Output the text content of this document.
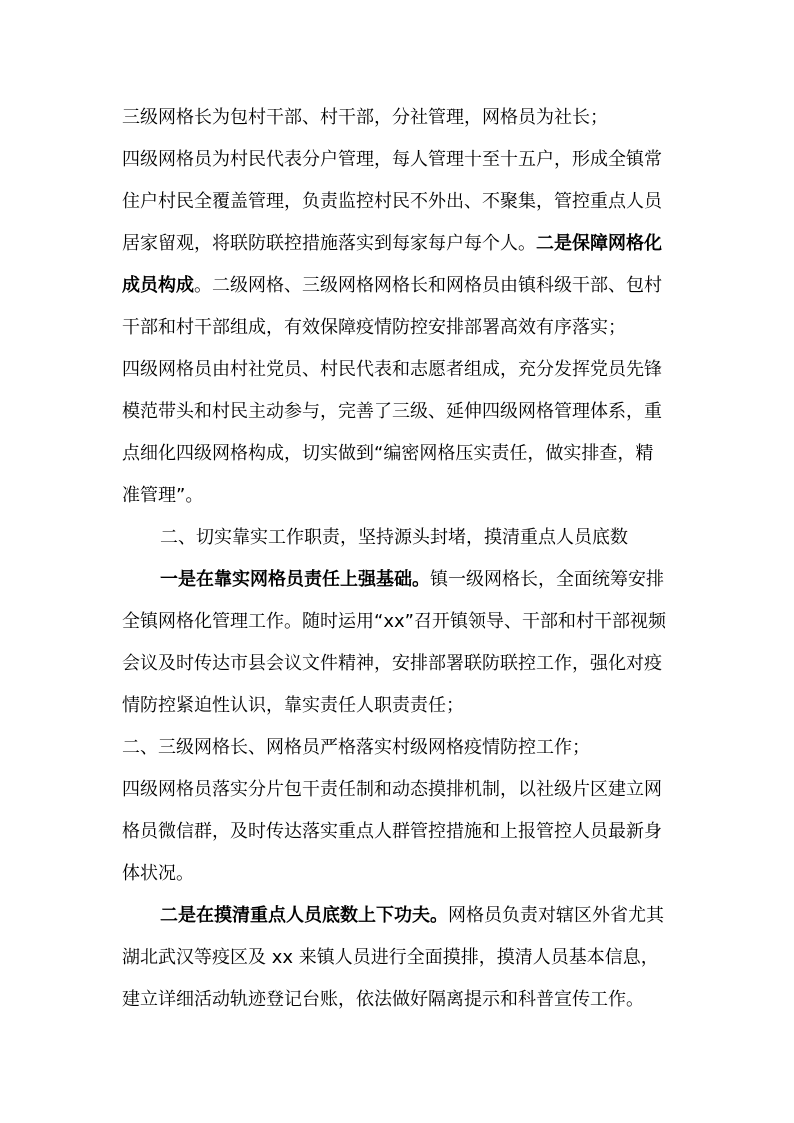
三级网格长为包村干部、村干部，分社管理，网格员为社长；
四级网格员为村民代表分户管理，每人管理十至十五户，形成全镇常
住户村民全覆盖管理，负责监控村民不外出、不聚集，管控重点人员
居家留观，将联防联控措施落实到每家每户每个人。二是保障网格化
成员构成。二级网格、三级网格网格长和网格员由镇科级干部、包村
干部和村干部组成，有效保障疫情防控安排部署高效有序落实；
四级网格员由村社党员、村民代表和志愿者组成，充分发挥党员先锋
模范带头和村民主动参与，完善了三级、延伸四级网格管理体系，重
点细化四级网格构成，切实做到“编密网格压实责任，做实排查，精
准管理”。
二、切实靠实工作职责，坚持源头封堵，摸清重点人员底数
一是在靠实网格员责任上强基础。镇一级网格长，全面统筹安排
全镇网格化管理工作。随时运用“xx”召开镇领导、干部和村干部视频
会议及时传达市县会议文件精神，安排部署联防联控工作，强化对疫
情防控紧迫性认识，靠实责任人职责责任；
二、三级网格长、网格员严格落实村级网格疫情防控工作；
四级网格员落实分片包干责任制和动态摸排机制，以社级片区建立网
格员微信群，及时传达落实重点人群管控措施和上报管控人员最新身
体状况。
二是在摸清重点人员底数上下功夫。网格员负责对辖区外省尤其
湖北武汉等疫区及 xx 来镇人员进行全面摸排，摸清人员基本信息，
建立详细活动轨迹登记台账，依法做好隔离提示和科普宣传工作。
